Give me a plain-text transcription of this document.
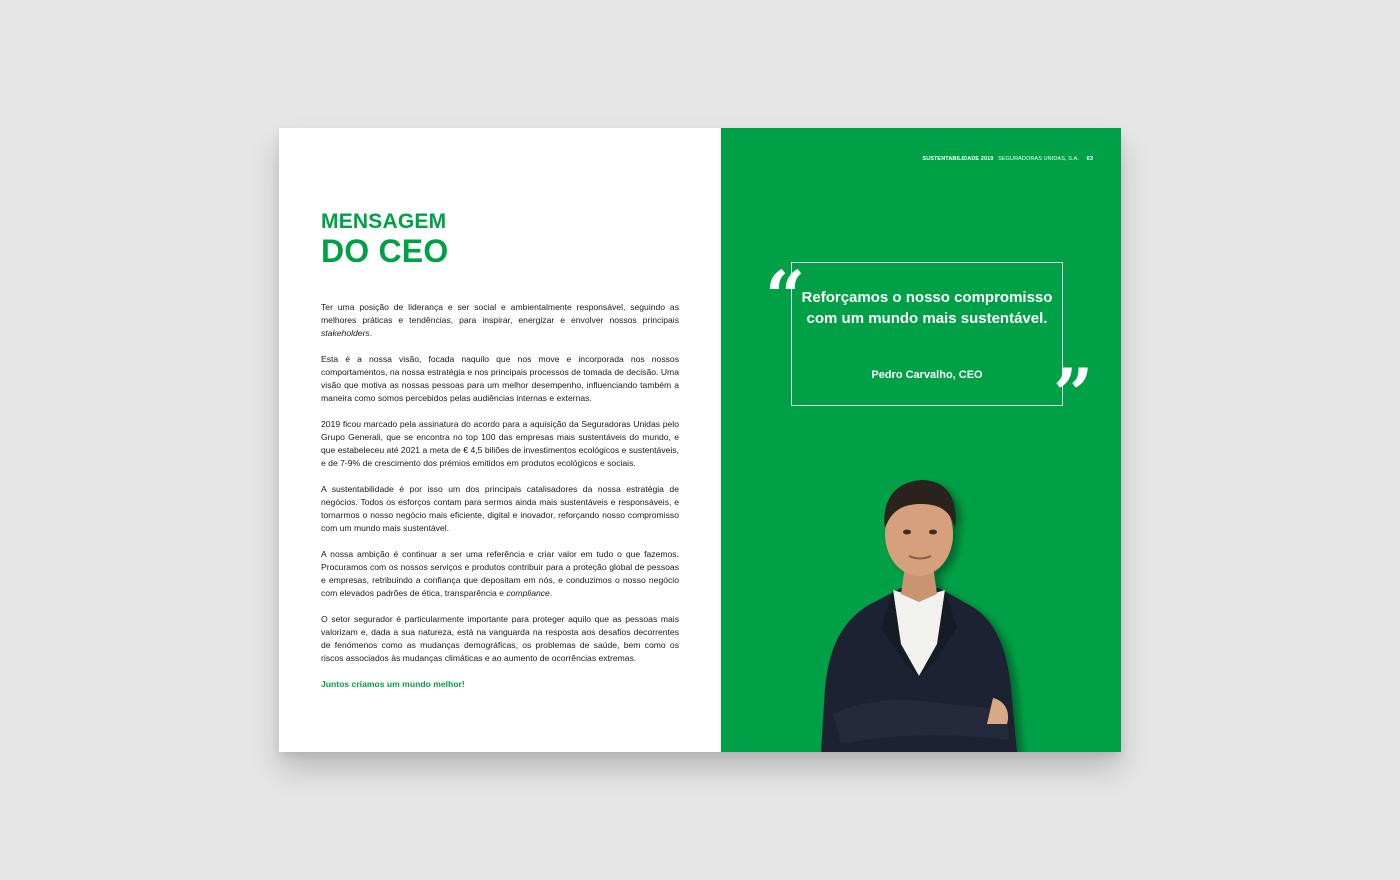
MENSAGEM
DO CEO

Ter uma posição de liderança e ser social e ambientalmente responsável, seguindo as melhores práticas e tendências, para inspirar, energizar e envolver nossos principais stakeholders.

Esta é a nossa visão, focada naquilo que nos move e incorporada nos nossos comportamentos, na nossa estratégia e nos principais processos de tomada de decisão. Uma visão que motiva as nossas pessoas para um melhor desempenho, influenciando também a maneira como somos percebidos pelas audiências internas e externas.

2019 ficou marcado pela assinatura do acordo para a aquisição da Seguradoras Unidas pelo Grupo Generali, que se encontra no top 100 das empresas mais sustentáveis do mundo, e que estabeleceu até 2021 a meta de € 4,5 biliões de investimentos ecológicos e sustentáveis, e de 7-9% de crescimento dos prémios emitidos em produtos ecológicos e sociais.

A sustentabilidade é por isso um dos principais catalisadores da nossa estratégia de negócios. Todos os esforços contam para sermos ainda mais sustentáveis e responsáveis, e tornarmos o nosso negócio mais eficiente, digital e inovador, reforçando nosso compromisso com um mundo mais sustentável.

A nossa ambição é continuar a ser uma referência e criar valor em tudo o que fazemos. Procuramos com os nossos serviços e produtos contribuir para a proteção global de pessoas e empresas, retribuindo a confiança que depositam em nós, e conduzimos o nosso negócio com elevados padrões de ética, transparência e compliance.

O setor segurador é particularmente importante para proteger aquilo que as pessoas mais valorizam e, dada a sua natureza, está na vanguarda na resposta aos desafios decorrentes de fenómenos como as mudanças demográficas, os problemas de saúde, bem como os riscos associados às mudanças climáticas e ao aumento de ocorrências extremas.

Juntos criamos um mundo melhor!
SUSTENTABILIDADE 2019 SEGURADORAS UNIDAS, S.A. 03
“
Reforçamos o nosso compromisso com um mundo mais sustentável.
Pedro Carvalho, CEO	”
